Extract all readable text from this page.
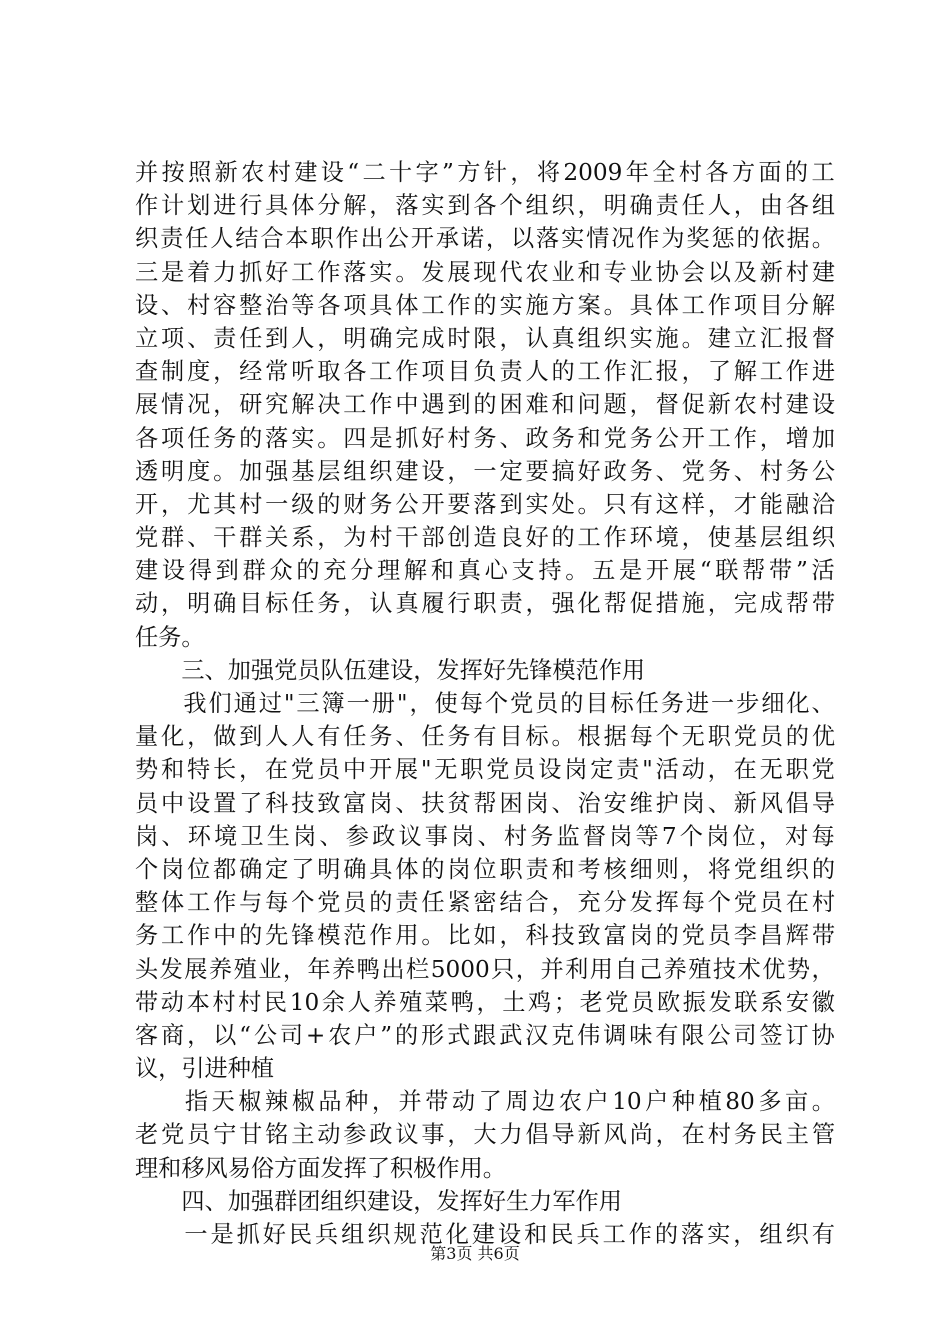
并 按 照 新 农 村 建 设 “ 二 十 字 ” 方 针 ， 将 2009 年 全 村 各 方 面 的 工
作 计 划 进 行 具 体 分 解 ， 落 实 到 各 个 组 织 ， 明 确 责 任 人 ， 由 各 组
织 责 任 人 结 合 本 职 作 出 公 开 承 诺 ， 以 落 实 情 况 作 为 奖 惩 的 依 据 。
三 是 着 力 抓 好 工 作 落 实 。 发 展 现 代 农 业 和 专 业 协 会 以 及 新 村 建
设 、 村 容 整 治 等 各 项 具 体 工 作 的 实 施 方 案 。 具 体 工 作 项 目 分 解
立 项 、 责 任 到 人 ， 明 确 完 成 时 限 ， 认 真 组 织 实 施 。 建 立 汇 报 督
查 制 度 ， 经 常 听 取 各 工 作 项 目 负 责 人 的 工 作 汇 报 ， 了 解 工 作 进
展 情 况 ， 研 究 解 决 工 作 中 遇 到 的 困 难 和 问 题 ， 督 促 新 农 村 建 设
各 项 任 务 的 落 实 。 四 是 抓 好 村 务 、 政 务 和 党 务 公 开 工 作 ， 增 加
透 明 度 。 加 强 基 层 组 织 建 设 ， 一 定 要 搞 好 政 务 、 党 务 、 村 务 公
开 ， 尤 其 村 一 级 的 财 务 公 开 要 落 到 实 处 。 只 有 这 样 ， 才 能 融 洽
党 群 、 干 群 关 系 ， 为 村 干 部 创 造 良 好 的 工 作 环 境 ， 使 基 层 组 织
建 设 得 到 群 众 的 充 分 理 解 和 真 心 支 持 。 五 是 开 展 “ 联 帮 带 ” 活
动 ， 明 确 目 标 任 务 ， 认 真 履 行 职 责 ， 强 化 帮 促 措 施 ， 完 成 帮 带
任务。
　　三、加强党员队伍建设，发挥好先锋模范作用

我 们 通 过 " 三 簿 一 册 " ， 使 每 个 党 员 的 目 标 任 务 进 一 步 细 化 、
量 化 ， 做 到 人 人 有 任 务 、 任 务 有 目 标 。 根 据 每 个 无 职 党 员 的 优
势 和 特 长 ， 在 党 员 中 开 展 " 无 职 党 员 设 岗 定 责 " 活 动 ， 在 无 职 党
员 中 设 置 了 科 技 致 富 岗 、 扶 贫 帮 困 岗 、 治 安 维 护 岗 、 新 风 倡 导
岗 、 环 境 卫 生 岗 、 参 政 议 事 岗 、 村 务 监 督 岗 等 7 个 岗 位 ， 对 每
个 岗 位 都 确 定 了 明 确 具 体 的 岗 位 职 责 和 考 核 细 则 ， 将 党 组 织 的
整 体 工 作 与 每 个 党 员 的 责 任 紧 密 结 合 ， 充 分 发 挥 每 个 党 员 在 村
务 工 作 中 的 先 锋 模 范 作 用 。 比 如 ， 科 技 致 富 岗 的 党 员 李 昌 辉 带
头 发 展 养 殖 业 ， 年 养 鸭 出 栏 5000 只 ， 并 利 用 自 己 养 殖 技 术 优 势 ，
带 动 本 村 村 民 10 余 人 养 殖 菜 鸭 ， 土 鸡 ； 老 党 员 欧 振 发 联 系 安 徽
客 商 ， 以 “ 公 司 + 农 户 ” 的 形 式 跟 武 汉 克 伟 调 味 有 限 公 司 签 订 协
议，引进种植

指 天 椒 辣 椒 品 种 ， 并 带 动 了 周 边 农 户 10 户 种 植 80 多 亩 。
老 党 员 宁 甘 铭 主 动 参 政 议 事 ， 大 力 倡 导 新 风 尚 ， 在 村 务 民 主 管
理和移风易俗方面发挥了积极作用。
　　四、加强群团组织建设，发挥好生力军作用

一 是 抓 好 民 兵 组 织 规 范 化 建 设 和 民 兵 工 作 的 落 实 ， 组 织 有
第3页 共6页
